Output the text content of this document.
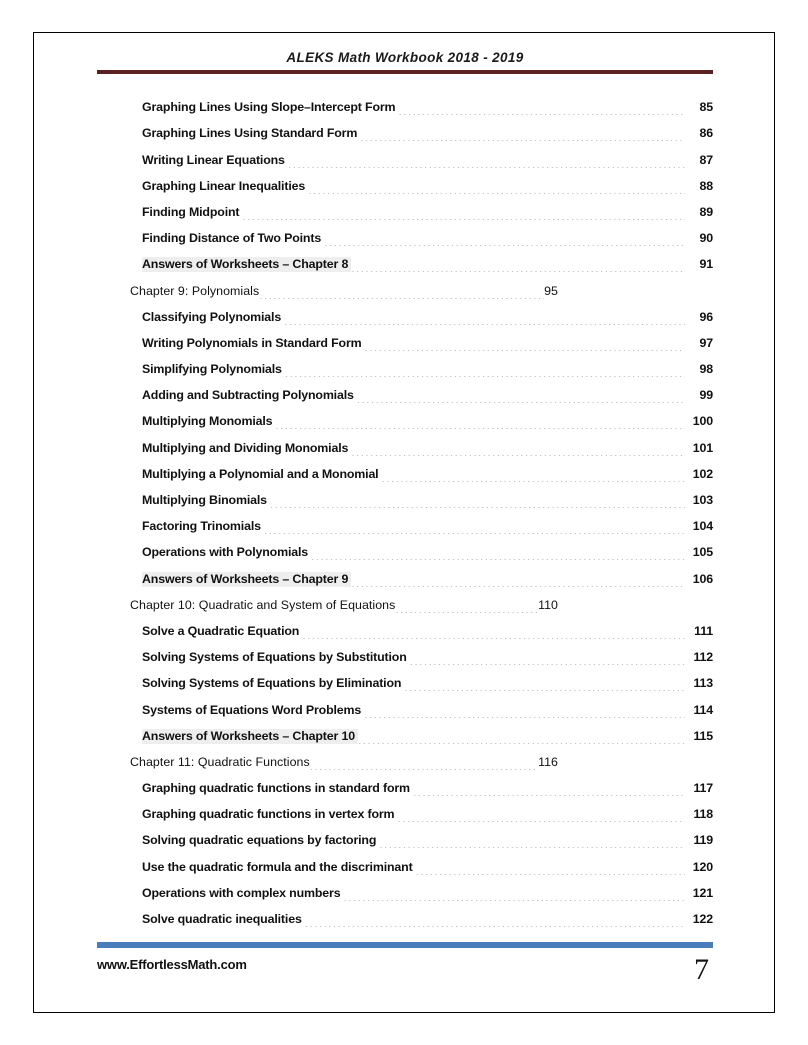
ALEKS Math Workbook 2018 - 2019
Graphing Lines Using Slope–Intercept Form .....	85
Graphing Lines Using Standard Form .....	86
Writing Linear Equations .....	87
Graphing Linear Inequalities .....	88
Finding Midpoint .....	89
Finding Distance of Two Points .....	90
Answers of Worksheets – Chapter 8 .....	91
Chapter 9: Polynomials .....	95
Classifying Polynomials .....	96
Writing Polynomials in Standard Form .....	97
Simplifying Polynomials .....	98
Adding and Subtracting Polynomials .....	99
Multiplying Monomials .....	100
Multiplying and Dividing Monomials .....	101
Multiplying a Polynomial and a Monomial .....	102
Multiplying Binomials .....	103
Factoring Trinomials .....	104
Operations with Polynomials .....	105
Answers of Worksheets – Chapter 9 .....	106
Chapter 10: Quadratic and System of Equations .....	110
Solve a Quadratic Equation .....	111
Solving Systems of Equations by Substitution .....	112
Solving Systems of Equations by Elimination .....	113
Systems of Equations Word Problems .....	114
Answers of Worksheets – Chapter 10 .....	115
Chapter 11: Quadratic Functions .....	116
Graphing quadratic functions in standard form .....	117
Graphing quadratic functions in vertex form .....	118
Solving quadratic equations by factoring .....	119
Use the quadratic formula and the discriminant .....	120
Operations with complex numbers .....	121
Solve quadratic inequalities .....	122
www.EffortlessMath.com	7
